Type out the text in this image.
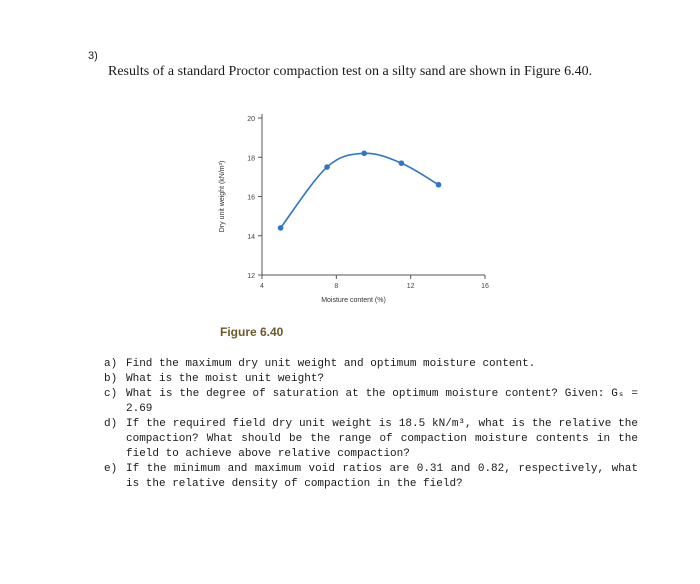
3)
Results of a standard Proctor compaction test on a silty sand are shown in Figure 6.40.
12
14
16
18
20
4	8	12	16
Moisture content (%)
Dry unit weight (kN/m³)
Figure 6.40
a) Find the maximum dry unit weight and optimum moisture content.
b) What is the moist unit weight?
c) What is the degree of saturation at the optimum moisture content? Given: Gₛ = 2.69
d) If the required field dry unit weight is 18.5 kN/m³, what is the relative the compaction? What should be the range of compaction moisture contents in the field to achieve above relative compaction?
e) If the minimum and maximum void ratios are 0.31 and 0.82, respectively, what is the relative density of compaction in the field?
